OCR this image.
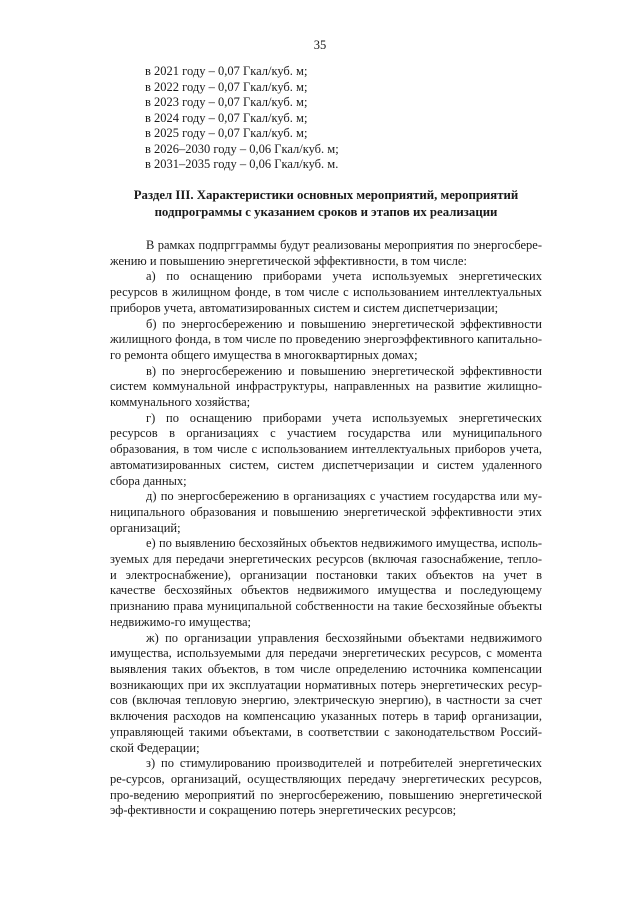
35
в 2021 году – 0,07 Гкал/куб. м;
в 2022 году – 0,07 Гкал/куб. м;
в 2023 году – 0,07 Гкал/куб. м;
в 2024 году – 0,07 Гкал/куб. м;
в 2025 году – 0,07 Гкал/куб. м;
в 2026–2030 году – 0,06 Гкал/куб. м;
в 2031–2035 году – 0,06 Гкал/куб. м.
Раздел III. Характеристики основных мероприятий, мероприятий
подпрограммы с указанием сроков и этапов их реализации

В рамках подпргграммы будут реализованы мероприятия по энергосбере-жению и повышению энергетической эффективности, в том числе:

а) по оснащению приборами учета используемых энергетических ресурсов в жилищном фонде, в том числе с использованием интеллектуальных приборов учета, автоматизированных систем и систем диспетчеризации;

б) по энергосбережению и повышению энергетической эффективности жилищного фонда, в том числе по проведению энергоэффективного капитально-го ремонта общего имущества в многоквартирных домах;

в) по энергосбережению и повышению энергетической эффективности систем коммунальной инфраструктуры, направленных на развитие жилищно-коммунального хозяйства;

г) по оснащению приборами учета используемых энергетических ресурсов в организациях с участием государства или муниципального образования, в том числе с использованием интеллектуальных приборов учета, автоматизированных систем, систем диспетчеризации и систем удаленного сбора данных;

д) по энергосбережению в организациях с участием государства или му-ниципального образования и повышению энергетической эффективности этих организаций;

е) по выявлению бесхозяйных объектов недвижимого имущества, исполь-зуемых для передачи энергетических ресурсов (включая газоснабжение, тепло- и электроснабжение), организации постановки таких объектов на учет в качестве бесхозяйных объектов недвижимого имущества и последующему признанию права муниципальной собственности на такие бесхозяйные объекты недвижимо-го имущества;

ж) по организации управления бесхозяйными объектами недвижимого имущества, используемыми для передачи энергетических ресурсов, с момента выявления таких объектов, в том числе определению источника компенсации возникающих при их эксплуатации нормативных потерь энергетических ресур-сов (включая тепловую энергию, электрическую энергию), в частности за счет включения расходов на компенсацию указанных потерь в тариф организации, управляющей такими объектами, в соответствии с законодательством Россий-ской Федерации;

з) по стимулированию производителей и потребителей энергетических ре-сурсов, организаций, осуществляющих передачу энергетических ресурсов, про-ведению мероприятий по энергосбережению, повышению энергетической эф-фективности и сокращению потерь энергетических ресурсов;
